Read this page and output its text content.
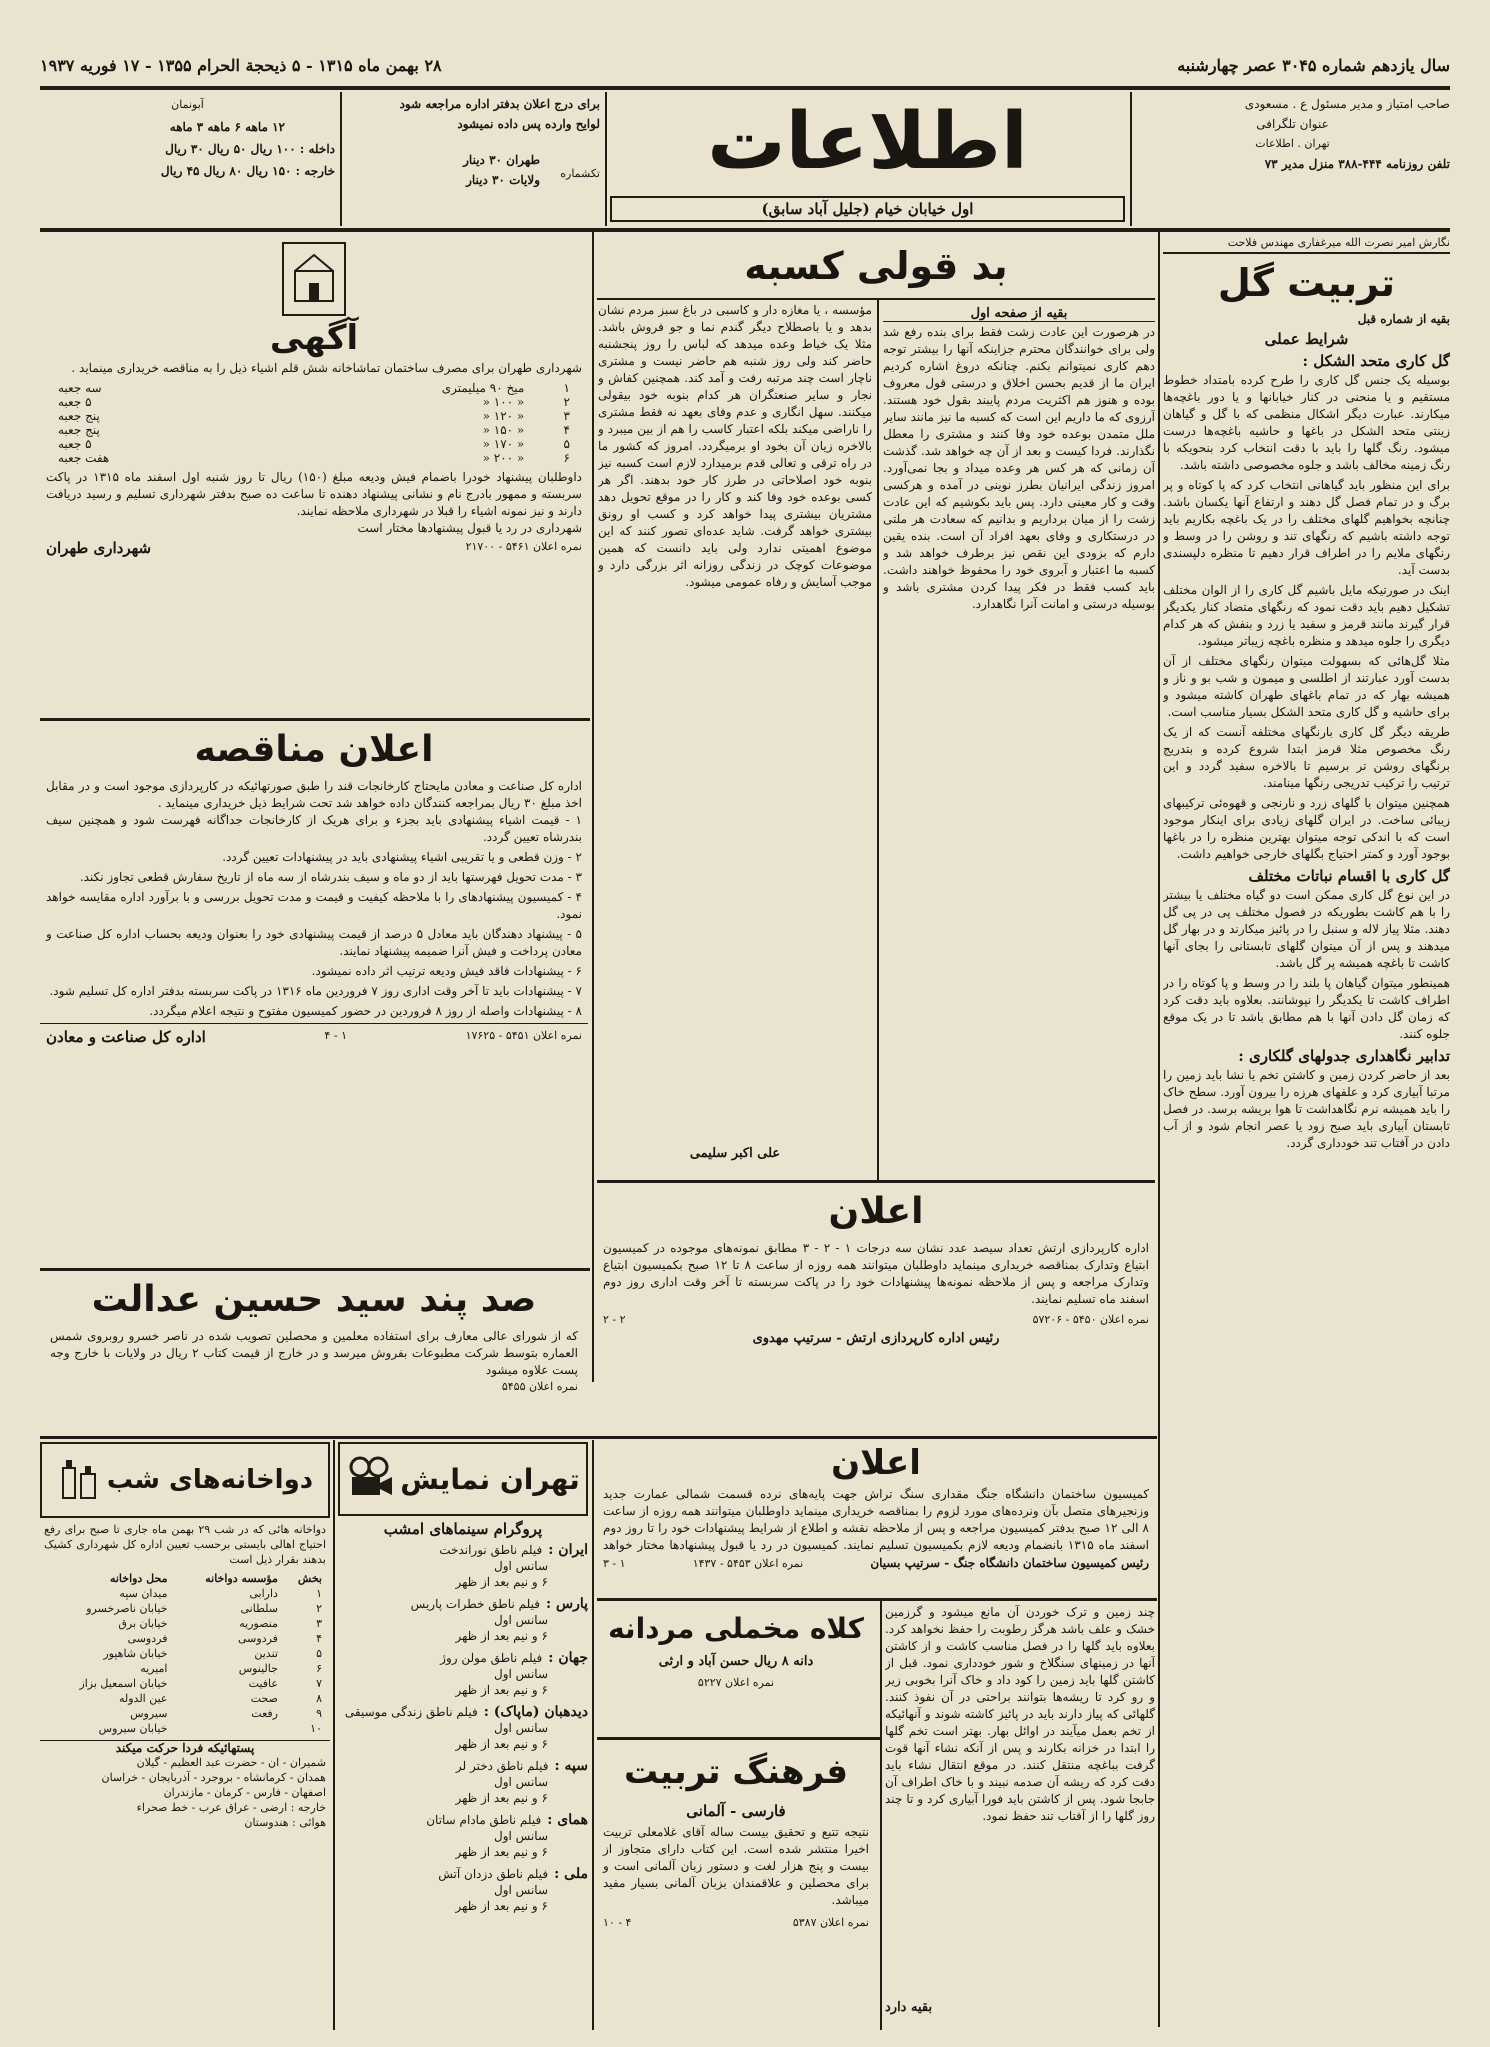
سال یازدهم شماره ۳۰۴۵ عصر چهارشنبه
۲۸ بهمن ماه ۱۳۱۵ - ۵ ذیحجة الحرام ۱۳۵۵ - ۱۷ فوریه ۱۹۳۷
صاحب امتیاز و مدیر مسئول ع . مسعودی
عنوان تلگرافی
تهران . اطلاعات
تلفن روزنامه ۴۴۴-۳۸۸ منزل مدیر ۷۳
اطلاعات
اول خیابان خیام (جلیل آباد سابق)
برای درج اعلان بدفتر اداره مراجعه شود
لوایح وارده پس داده نمیشود
طهران ۳۰ دینار
ولایات ۳۰ دینار	تکشماره
آبونمان
۱۲ ماهه ۶ ماهه ۳ ماهه
داخله : ۱۰۰ ریال ۵۰ ریال ۳۰ ریال
خارجه : ۱۵۰ ریال ۸۰ ریال ۴۵ ریال
نگارش امیر نصرت الله میرغفاری مهندس فلاحت
تربیت گل
بقیه از شماره قبل
شرایط عملی
گل کاری متحد الشکل :

بوسیله یک جنس گل کاری را طرح کرده بامتداد خطوط مستقیم و یا منحنی در کنار خیابانها و یا دور باغچه‌ها میکارند. عبارت دیگر اشکال منظمی که با گل و گیاهان زینتی متحد الشکل در باغها و حاشیه باغچه‌ها درست میشود. رنگ گلها را باید با دقت انتخاب کرد بنحویکه با رنگ زمینه مخالف باشد و جلوه مخصوصی داشته باشد.

برای این منظور باید گیاهانی انتخاب کرد که پا کوتاه و پر برگ و در تمام فصل گل دهند و ارتفاع آنها یکسان باشد. چنانچه بخواهیم گلهای مختلف را در یک باغچه بکاریم باید توجه داشته باشیم که رنگهای تند و روشن را در وسط و رنگهای ملایم را در اطراف قرار دهیم تا منظره دلپسندی بدست آید.

اینک در صورتیکه مایل باشیم گل کاری را از الوان مختلف تشکیل دهیم باید دقت نمود که رنگهای متضاد کنار یکدیگر قرار گیرند مانند قرمز و سفید یا زرد و بنفش که هر کدام دیگری را جلوه میدهد و منظره باغچه زیباتر میشود.

مثلا گل‌هائی که بسهولت میتوان رنگهای مختلف از آن بدست آورد عبارتند از اطلسی و میمون و شب بو و ناز و همیشه بهار که در تمام باغهای طهران کاشته میشود و برای حاشیه و گل کاری متحد الشکل بسیار مناسب است.

طریقه دیگر گل کاری بارنگهای مختلفه آنست که از یک رنگ مخصوص مثلا قرمز ابتدا شروع کرده و بتدریج برنگهای روشن تر برسیم تا بالاخره سفید گردد و این ترتیب را ترکیب تدریجی رنگها مینامند.

همچنین میتوان با گلهای زرد و نارنجی و قهوه‌ئی ترکیبهای زیبائی ساخت. در ایران گلهای زیادی برای اینکار موجود است که با اندکی توجه میتوان بهترین منظره را در باغها بوجود آورد و کمتر احتیاج بگلهای خارجی خواهیم داشت.

گل کاری با اقسام نباتات مختلف

در این نوع گل کاری ممکن است دو گیاه مختلف یا بیشتر را با هم کاشت بطوریکه در فصول مختلف پی در پی گل دهند. مثلا پیاز لاله و سنبل را در پائیز میکارند و در بهار گل میدهند و پس از آن میتوان گلهای تابستانی را بجای آنها کاشت تا باغچه همیشه پر گل باشد.

همینطور میتوان گیاهان پا بلند را در وسط و پا کوتاه را در اطراف کاشت تا یکدیگر را نپوشانند. بعلاوه باید دقت کرد که زمان گل دادن آنها با هم مطابق باشد تا در یک موقع جلوه کنند.

تدابیر نگاهداری جدولهای گلکاری :

بعد از حاضر کردن زمین و کاشتن تخم یا نشا باید زمین را مرتبا آبیاری کرد و علفهای هرزه را بیرون آورد. سطح خاک را باید همیشه نرم نگاهداشت تا هوا بریشه برسد. در فصل تابستان آبیاری باید صبح زود یا عصر انجام شود و از آب دادن در آفتاب تند خودداری گردد.

بد قولی کسبه
بقیه از صفحه اول
در هرصورت این عادت زشت فقط برای بنده رفع شد ولی برای خوانندگان محترم جزاینکه آنها را بیشتر توجه دهم کاری نمیتوانم بکنم. چنانکه دروغ اشاره کردیم ایران ما از قدیم بحسن اخلاق و درستی قول معروف بوده و هنوز هم اکثریت مردم پایبند بقول خود هستند. آرزوی که ما داریم این است که کسبه ما نیز مانند سایر ملل متمدن بوعده خود وفا کنند و مشتری را معطل نگذارند. فردا کیست و بعد از آن چه خواهد شد. گذشت آن زمانی که هر کس هر وعده میداد و بجا نمی‌آورد. امروز زندگی ایرانیان بطرز نوینی در آمده و هرکسی وقت و کار معینی دارد. پس باید بکوشیم که این عادت زشت را از میان برداریم و بدانیم که سعادت هر ملتی در درستکاری و وفای بعهد افراد آن است. بنده یقین دارم که بزودی این نقص نیز برطرف خواهد شد و کسبه ما اعتبار و آبروی خود را محفوظ خواهند داشت. باید کسب فقط در فکر پیدا کردن مشتری باشد و بوسیله درستی و امانت آنرا نگاهدارد.
مؤسسه ، یا مغازه دار و کاسبی در باغ سبز مردم نشان بدهد و یا باصطلاح دیگر گندم نما و جو فروش باشد. مثلا یک خیاط وعده میدهد که لباس را روز پنجشنبه حاضر کند ولی روز شنبه هم حاضر نیست و مشتری ناچار است چند مرتبه رفت و آمد کند. همچنین کفاش و نجار و سایر صنعتگران هر کدام بنوبه خود بیقولی میکنند. سهل انگاری و عدم وفای بعهد نه فقط مشتری را ناراضی میکند بلکه اعتبار کاسب را هم از بین میبرد و بالاخره زیان آن بخود او برمیگردد. امروز که کشور ما در راه ترقی و تعالی قدم برمیدارد لازم است کسبه نیز بنوبه خود اصلاحاتی در طرز کار خود بدهند. اگر هر کسی بوعده خود وفا کند و کار را در موقع تحویل دهد مشتریان بیشتری پیدا خواهد کرد و کسب او رونق بیشتری خواهد گرفت. شاید عده‌ای تصور کنند که این موضوع اهمیتی ندارد ولی باید دانست که همین موضوعات کوچک در زندگی روزانه اثر بزرگی دارد و موجب آسایش و رفاه عمومی میشود.
علی اکبر سلیمی
آگهی
شهرداری طهران برای مصرف ساختمان تماشاخانه شش قلم اشیاء ذیل را به مناقصه خریداری مینماید .
۱	میخ ۹۰ میلیمتری	سه جعبه
۲	« ۱۰۰ «	۵ جعبه
۳	« ۱۲۰ «	پنج جعبه
۴	« ۱۵۰ «	پنج جعبه
۵	« ۱۷۰ «	۵ جعبه
۶	« ۲۰۰ «	هفت جعبه
داوطلبان پیشنهاد خودرا باضمام فیش ودیعه مبلغ (۱۵۰) ریال تا روز شنبه اول اسفند ماه ۱۳۱۵ در پاکت سربسته و ممهور بادرج نام و نشانی پیشنهاد دهنده تا ساعت ده صبح بدفتر شهرداری تسلیم و رسید دریافت دارند و نیز نمونه اشیاء را قبلا در شهرداری ملاحظه نمایند.
شهرداری در رد یا قبول پیشنهادها مختار است
نمره اعلان ۵۴۶۱ - ۲۱۷۰۰
شهرداری طهران
اعلان مناقصه
اداره کل صناعت و معادن مایحتاج کارخانجات قند را طبق صورتهائیکه در کارپردازی موجود است و در مقابل اخذ مبلغ ۳۰ ریال بمراجعه کنندگان داده خواهد شد تحت شرایط ذیل خریداری مینماید .

۱ - قیمت اشیاء پیشنهادی باید بجزء و برای هریک از کارخانجات جداگانه فهرست شود و همچنین سیف بندرشاه تعیین گردد.

۲ - وزن قطعی و یا تقریبی اشیاء پیشنهادی باید در پیشنهادات تعیین گردد.

۳ - مدت تحویل فهرستها باید از دو ماه و سیف بندرشاه از سه ماه از تاریخ سفارش قطعی تجاوز نکند.

۴ - کمیسیون پیشنهادهای را با ملاحظه کیفیت و قیمت و مدت تحویل بررسی و با برآورد اداره مقایسه خواهد نمود.

۵ - پیشنهاد دهندگان باید معادل ۵ درصد از قیمت پیشنهادی خود را بعنوان ودیعه بحساب اداره کل صناعت و معادن پرداخت و فیش آنرا ضمیمه پیشنهاد نمایند.

۶ - پیشنهادات فاقد فیش ودیعه ترتیب اثر داده نمیشود.

۷ - پیشنهادات باید تا آخر وقت اداری روز ۷ فروردین ماه ۱۳۱۶ در پاکت سربسته بدفتر اداره کل تسلیم شود.

۸ - پیشنهادات واصله از روز ۸ فروردین در حضور کمیسیون مفتوح و نتیجه اعلام میگردد.

نمره اعلان ۵۴۵۱ - ۱۷۶۲۵
۱ - ۴
اداره کل صناعت و معادن
صد پند سید حسین عدالت
که از شورای عالی معارف برای استفاده معلمین و محصلین تصویب شده در ناصر خسرو روبروی شمس العماره بتوسط شرکت مطبوعات بفروش میرسد و در خارج از قیمت کتاب ۲ ریال در ولایات با خارج وجه پست علاوه میشود
نمره اعلان ۵۴۵۵
اعلان
اداره کارپردازی ارتش تعداد سیصد عدد نشان سه درجات ۱ - ۲ - ۳ مطابق نمونه‌های موجوده در کمیسیون ابتیاع وتدارک بمناقصه خریداری مینماید داوطلبان میتوانند همه روزه از ساعت ۸ تا ۱۲ صبح بکمیسیون ابتیاع وتدارک مراجعه و پس از ملاحظه نمونه‌ها پیشنهادات خود را در پاکت سربسته تا آخر وقت اداری روز دوم اسفند ماه تسلیم نمایند.
نمره اعلان ۵۴۵۰ - ۵۷۲۰۶
۲ - ۲
رئیس اداره کارپردازی ارتش - سرتیپ مهدوی
اعلان
کمیسیون ساختمان دانشگاه جنگ مقداری سنگ تراش جهت پایه‌های نرده قسمت شمالی عمارت جدید وزنجیرهای متصل بآن ونرده‌های مورد لزوم را بمناقصه خریداری مینماید داوطلبان میتوانند همه روزه از ساعت ۸ الی ۱۲ صبح بدفتر کمیسیون مراجعه و پس از ملاحظه نقشه و اطلاع از شرایط پیشنهادات خود را تا روز دوم اسفند ماه ۱۳۱۵ بانضمام ودیعه لازم بکمیسیون تسلیم نمایند. کمیسیون در رد یا قبول پیشنهادها مختار خواهد
رئیس کمیسیون ساختمان دانشگاه جنگ - سرتیپ بسیان
نمره اعلان ۵۴۵۳ - ۱۴۳۷
۱ - ۳
چند زمین و ترک خوردن آن مانع میشود و گرزمین خشک و علف باشد هرگز رطوبت را حفظ نخواهد کرد. بعلاوه باید گلها را در فصل مناسب کاشت و از کاشتن آنها در زمینهای سنگلاخ و شور خودداری نمود. قبل از کاشتن گلها باید زمین را کود داد و خاک آنرا بخوبی زیر و رو کرد تا ریشه‌ها بتوانند براحتی در آن نفوذ کنند. گلهائی که پیاز دارند باید در پائیز کاشته شوند و آنهائیکه از تخم بعمل میآیند در اوائل بهار. بهتر است تخم گلها را ابتدا در خزانه بکارند و پس از آنکه نشاء آنها قوت گرفت بباغچه منتقل کنند. در موقع انتقال نشاء باید دقت کرد که ریشه آن صدمه نبیند و با خاک اطراف آن جابجا شود. پس از کاشتن باید فورا آبیاری کرد و تا چند روز گلها را از آفتاب تند حفظ نمود.
بقیه دارد
کلاه مخملی مردانه
دانه ۸ ریال حسن آباد و ارثی
نمره اعلان ۵۲۲۷
فرهنگ تربیت
فارسی - آلمانی
نتیجه تتبع و تحقیق بیست ساله آقای غلامعلی تربیت اخیرا منتشر شده است. این کتاب دارای متجاوز از بیست و پنج هزار لغت و دستور زبان آلمانی است و برای محصلین و علاقمندان بزبان آلمانی بسیار مفید میباشد.
نمره اعلان ۵۳۸۷
۴ - ۱۰
تهران نمایش
پروگرام سینماهای امشب
ایران :فیلم ناطق نوراندخت
سانس اول
۶ و نیم بعد از ظهر
پارس :فیلم ناطق خطرات پاریس
سانس اول
۶ و نیم بعد از ظهر
جهان :فیلم ناطق مولن روژ
سانس اول
۶ و نیم بعد از ظهر
دیدهبان (ماپاک) :فیلم ناطق زندگی موسیقی
سانس اول
۶ و نیم بعد از ظهر
سپه :فیلم ناطق دختر لر
سانس اول
۶ و نیم بعد از ظهر
همای :فیلم ناطق مادام ساتان
سانس اول
۶ و نیم بعد از ظهر
ملی :فیلم ناطق دزدان آتش
سانس اول
۶ و نیم بعد از ظهر
دواخانه‌های شب
دواخانه هائی که در شب ۲۹ بهمن ماه جاری تا صبح برای رفع احتیاج اهالی بایستی برحسب تعیین اداره کل شهرداری کشیک بدهند بقرار ذیل است
بخش	مؤسسه دواخانه	محل دواخانه
۱	دارابی	میدان سپه
۲	سلطانی	خیابان ناصرخسرو
۳	منصوریه	خیابان برق
۴	فردوسی	فردوسی
۵	تندین	خیابان شاهپور
۶	جالینوس	امیریه
۷	عافیت	خیابان اسمعیل بزاز
۸	صحت	عین الدوله
۹	رفعت	سیروس
۱۰		خیابان سیروس
پستهائیکه فردا حرکت میکند
شمیران - ان - حضرت عبد العظیم - گیلان
همدان - کرمانشاه - بروجرد - آذربایجان - خراسان
اصفهان - فارس - کرمان - مازندران
خارجه : ارضی - عراق عرب - خط صحراء
هوائی : هندوستان
